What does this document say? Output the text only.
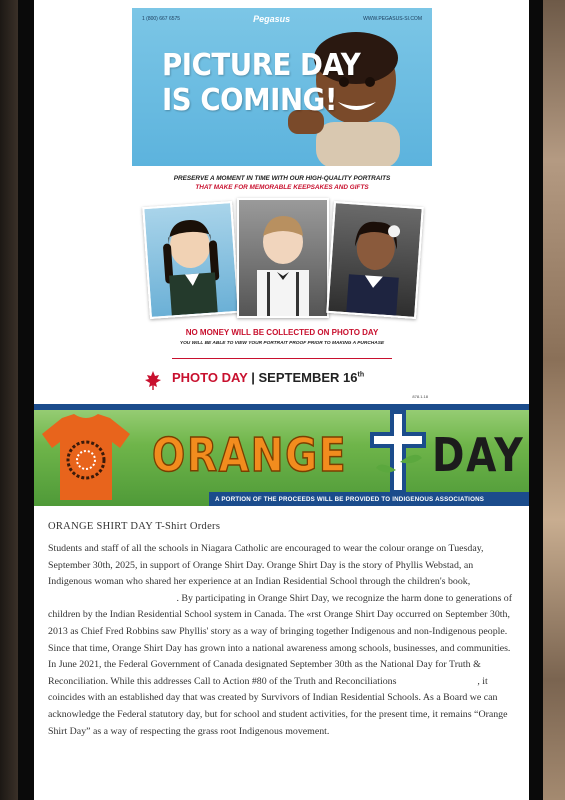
1 (800) 667 6575	Pegasus	WWW.PEGASUS-SI.COM
PICTURE DAY
IS COMING!
PRESERVE A MOMENT IN TIME WITH OUR HIGH-QUALITY PORTRAITS
THAT MAKE FOR MEMORABLE KEEPSAKES AND GIFTS
NO MONEY WILL BE COLLECTED ON PHOTO DAY
YOU WILL BE ABLE TO VIEW YOUR PORTRAIT PROOF PRIOR TO MAKING A PURCHASE
PHOTO DAY | SEPTEMBER 16th
878.1.18
ORANGE DAY
A PORTION OF THE PROCEEDS WILL BE PROVIDED TO INDIGENOUS ASSOCIATIONS
ORANGE SHIRT DAY T-Shirt Orders

Students and staff of all the schools in Niagara Catholic are encouraged to wear the colour orange on Tuesday, September 30th, 2025, in support of Orange Shirt Day. Orange Shirt Day is the story of Phyllis Webstad, an Indigenous woman who shared her experience at an Indian Residential School through the children's book,  . By participating in Orange Shirt Day, we recognize the harm done to generations of children by the Indian Residential School system in Canada. The «rst Orange Shirt Day occurred on September 30th, 2013 as Chief Fred Robbins saw Phyllis' story as a way of bringing together Indigenous and non-Indigenous people. Since that time, Orange Shirt Day has grown into a national awareness among schools, businesses, and communities.

In June 2021, the Federal Government of Canada designated September 30th as the National Day for Truth & Reconciliation. While this addresses Call to Action #80 of the Truth and Reconciliations	, it coincides with an established day that was created by Survivors of Indian Residential Schools. As a Board we can acknowledge the Federal statutory day, but for school and student activities, for the present time, it remains “Orange Shirt Day” as a way of respecting the grass root Indigenous movement.
